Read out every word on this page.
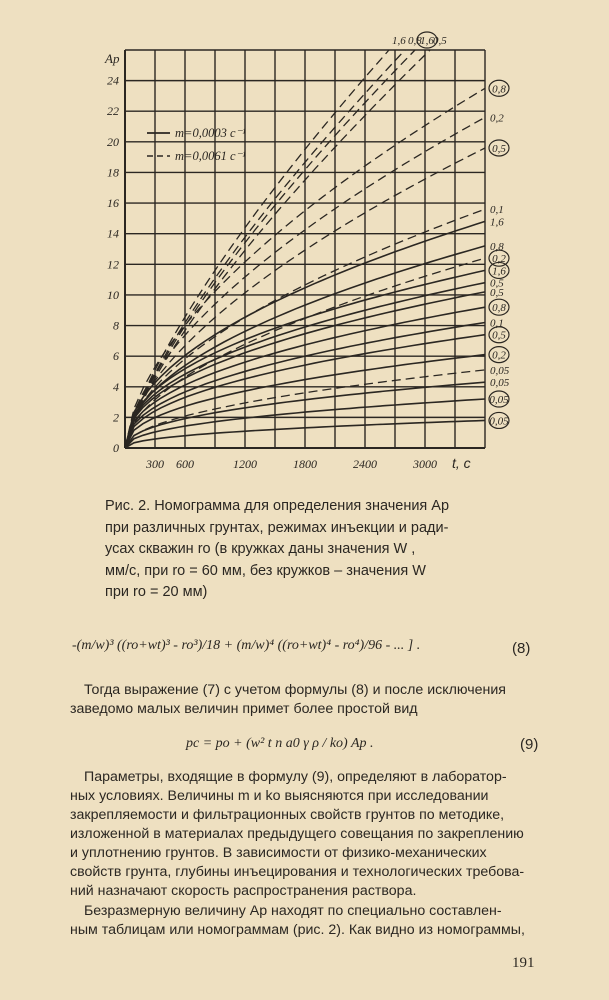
0
2
4
6
8
10
12
14
16
18
20
22
24
300 600	1200	1800	2400	3000
1,6 0,8
1,6 0,5
0,8
0,2
0,5
0,1
1,6
0,8
0,2
1,6
0,5
0,5
0,8
0,1
0,5
0,2
0,05
0,05
0,05
0,05
Ap
t, c
m=0,0003 c⁻¹
m=0,0061 c⁻¹
Рис. 2. Номограмма для определения значения Ap
при различных грунтах, режимах инъекции и ради-
усах скважин ro (в кружках даны значения W ,
мм/с, при ro = 60 мм, без кружков – значения W
при ro = 20 мм)
-(m/w)³ ((ro+wt)³ - ro³)/18 + (m/w)⁴ ((ro+wt)⁴ - ro⁴)/96 - ... ] .	(8)
Тогда выражение (7) с учетом формулы (8) и после исключения
заведомо малых величин примет более простой вид
pc = po + (w² t n a0 γ ρ / ko) Ap .	(9)
Параметры, входящие в формулу (9), определяют в лаборатор-
ных условиях. Величины m и ko выясняются при исследовании
закрепляемости и фильтрационных свойств грунтов по методике,
изложенной в материалах предыдущего совещания по закреплению
и уплотнению грунтов. В зависимости от физико-механических
свойств грунта, глубины инъецирования и технологических требова-
ний назначают скорость распространения раствора.
Безразмерную величину Ap находят по специально составлен-
ным таблицам или номограммам (рис. 2). Как видно из номограммы,
191
